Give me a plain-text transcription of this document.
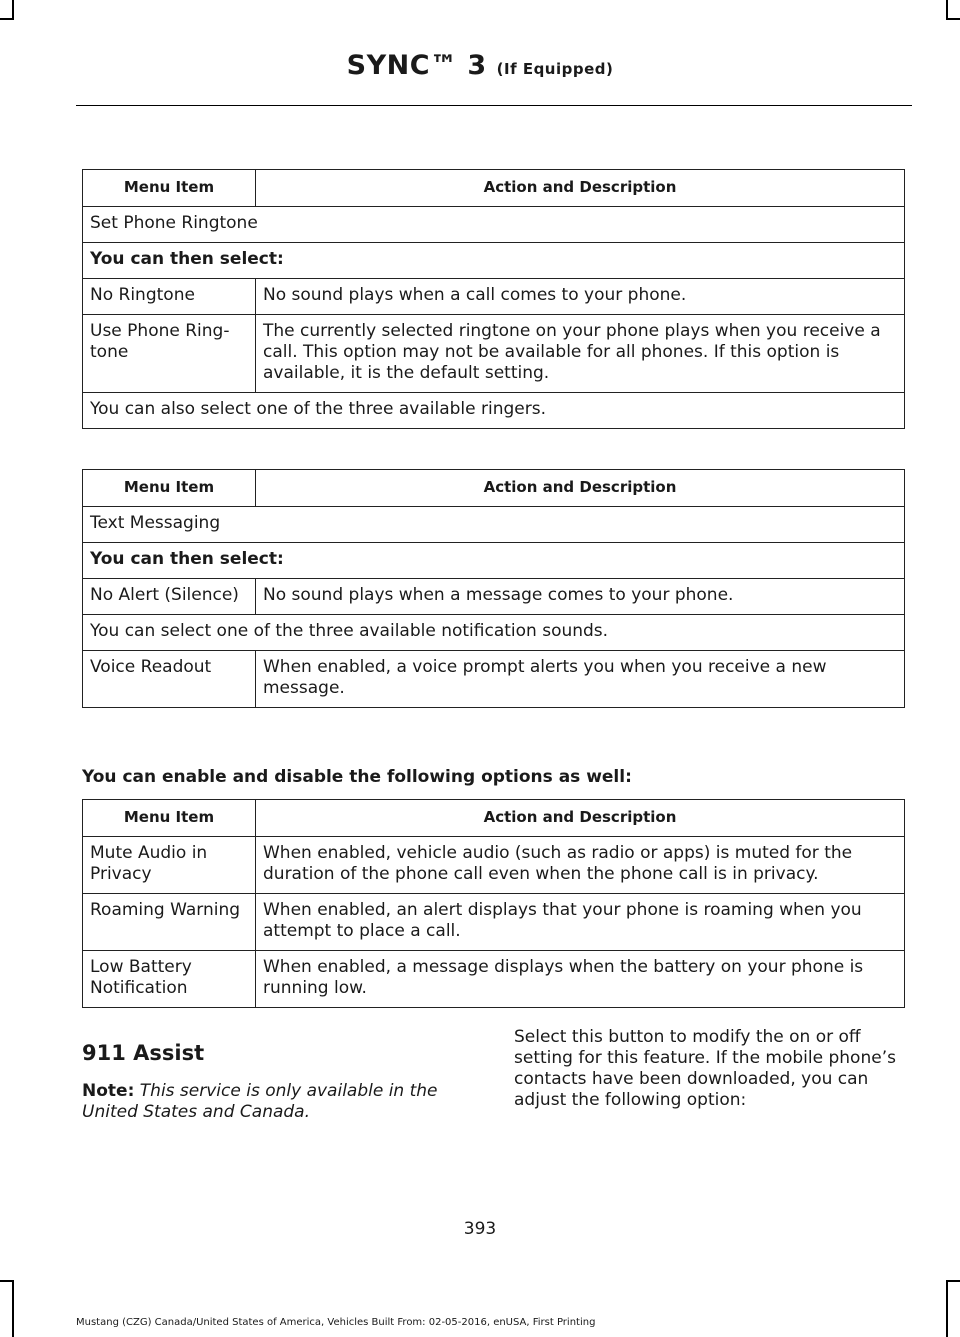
SYNC™ 3 (If Equipped)
Menu Item	Action and Description
Set Phone Ringtone	
You can then select:	
No Ringtone	No sound plays when a call comes to your phone.
Use Phone Ring-tone	The currently selected ringtone on your phone plays when you receive a call. This option may not be available for all phones. If this option is available, it is the default setting.
You can also select one of the three available ringers.	
Menu Item	Action and Description
Text Messaging	
You can then select:	
No Alert (Silence)	No sound plays when a message comes to your phone.
You can select one of the three available notification sounds.	
Voice Readout	When enabled, a voice prompt alerts you when you receive a new message.
You can enable and disable the following options as well:
Menu Item	Action and Description
Mute Audio in Privacy	When enabled, vehicle audio (such as radio or apps) is muted for the duration of the phone call even when the phone call is in privacy.
Roaming Warning	When enabled, an alert displays that your phone is roaming when you attempt to place a call.
Low Battery Notification	When enabled, a message displays when the battery on your phone is running low.
911 Assist
Note: This service is only available in the United States and Canada.
Select this button to modify the on or off setting for this feature. If the mobile phone’s contacts have been downloaded, you can adjust the following option:
393
Mustang (CZG) Canada/United States of America, Vehicles Built From: 02-05-2016, enUSA, First Printing
